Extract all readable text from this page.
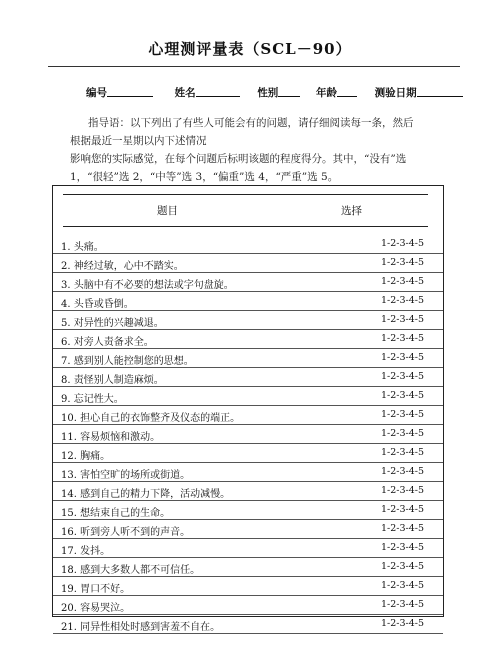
心理测评量表（SCL－90）
编号	姓名	性别	年龄	测验日期

指导语：以下列出了有些人可能会有的问题，请仔细阅读每一条，然后

根据最近一星期以内下述情况

影响您的实际感觉，在每个问题后标明该题的程度得分。其中，“没有”选

1，“很轻”选 2，“中等”选 3，“偏重”选 4，“严重”选 5。

题目	选择
1. 头痛。	1-2-3-4-5
2. 神经过敏，心中不踏实。	1-2-3-4-5
3. 头脑中有不必要的想法或字句盘旋。	1-2-3-4-5
4. 头昏或昏倒。	1-2-3-4-5
5. 对异性的兴趣减退。	1-2-3-4-5
6. 对旁人责备求全。	1-2-3-4-5
7. 感到别人能控制您的思想。	1-2-3-4-5
8. 责怪别人制造麻烦。	1-2-3-4-5
9. 忘记性大。	1-2-3-4-5
10. 担心自己的衣饰整齐及仪态的端正。	1-2-3-4-5
11. 容易烦恼和激动。	1-2-3-4-5
12. 胸痛。	1-2-3-4-5
13. 害怕空旷的场所或街道。	1-2-3-4-5
14. 感到自己的精力下降，活动减慢。	1-2-3-4-5
15. 想结束自己的生命。	1-2-3-4-5
16. 听到旁人听不到的声音。	1-2-3-4-5
17. 发抖。	1-2-3-4-5
18. 感到大多数人都不可信任。	1-2-3-4-5
19. 胃口不好。	1-2-3-4-5
20. 容易哭泣。	1-2-3-4-5
21. 同异性相处时感到害羞不自在。	1-2-3-4-5
